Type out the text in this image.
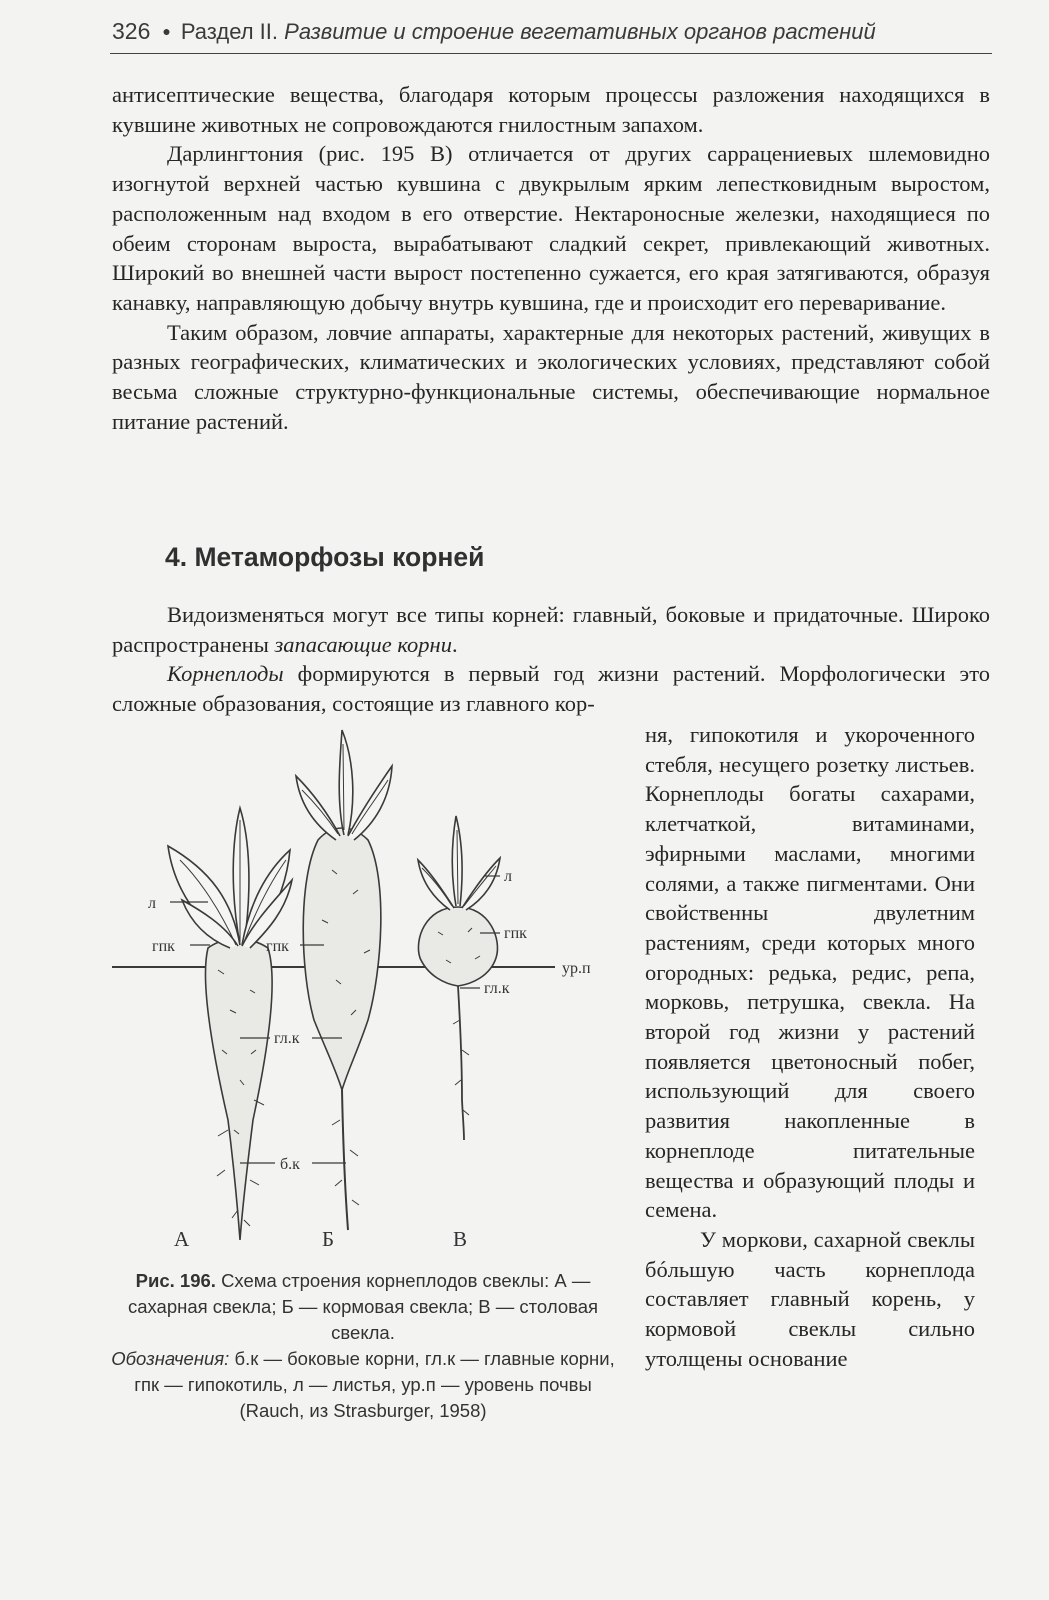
326 ● Раздел II. Развитие и строение вегетативных органов растений

антисептические вещества, благодаря которым процессы разложения находящихся в кувшине животных не сопровождаются гнилостным запахом.

Дарлингтония (рис. 195 В) отличается от других саррацениевых шлемовидно изогнутой верхней частью кувшина с двукрылым ярким лепестковидным выростом, расположенным над входом в его отверстие. Нектароносные железки, находящиеся по обеим сторонам выроста, вырабатывают сладкий секрет, привлекающий животных. Широкий во внешней части вырост постепенно сужается, его края затягиваются, образуя канавку, направляющую добычу внутрь кувшина, где и происходит его переваривание.

Таким образом, ловчие аппараты, характерные для некоторых растений, живущих в разных географических, климатических и экологических условиях, представляют собой весьма сложные структурно-функциональные системы, обеспечивающие нормальное питание растений.

4. Метаморфозы корней

Видоизменяться могут все типы корней: главный, боковые и придаточные. Широко распространены запасающие корни.

Корнеплоды формируются в первый год жизни растений. Морфологически это сложные образования, состоящие из главного кор-

л
гпк	гпк
гл.к
б.к
л
гпк
ур.п
гл.к
А	Б	В

Рис. 196. Схема строения корнеплодов свеклы: А — сахарная свекла; Б — кормовая свекла; В — столовая свекла.

Обозначения: б.к — боковые корни, гл.к — главные корни, гпк — гипокотиль, л — листья, ур.п — уровень почвы (Rauch, из Strasburger, 1958)

ня, гипокотиля и укороченного стебля, несущего розетку листьев. Корнеплоды богаты сахарами, клетчаткой, витаминами, эфирными маслами, многими солями, а также пигментами. Они свойственны двулетним растениям, среди которых много огородных: редька, редис, репа, морковь, петрушка, свекла. На второй год жизни у растений появляется цветоносный побег, использующий для своего развития накопленные в корнеплоде питательные вещества и образующий плоды и семена.

У моркови, сахарной свеклы бóльшую часть корнеплода составляет главный корень, у кормовой свеклы сильно утолщены основание
